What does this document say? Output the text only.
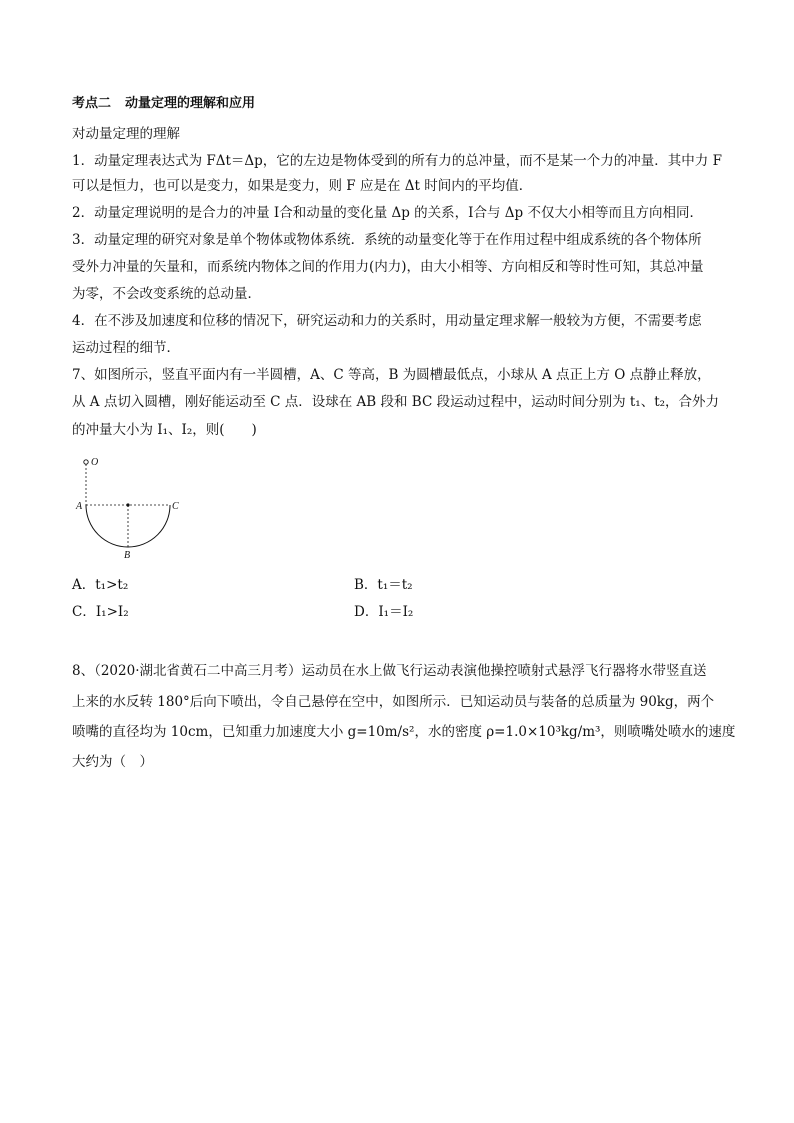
考点二 动量定理的理解和应用
对动量定理的理解
1．动量定理表达式为 FΔt＝Δp，它的左边是物体受到的所有力的总冲量，而不是某一个力的冲量．其中力 F
可以是恒力，也可以是变力，如果是变力，则 F 应是在 Δt 时间内的平均值．
2．动量定理说明的是合力的冲量 I合和动量的变化量 Δp 的关系，I合与 Δp 不仅大小相等而且方向相同．
3．动量定理的研究对象是单个物体或物体系统．系统的动量变化等于在作用过程中组成系统的各个物体所
受外力冲量的矢量和，而系统内物体之间的作用力(内力)，由大小相等、方向相反和等时性可知，其总冲量
为零，不会改变系统的总动量．
4．在不涉及加速度和位移的情况下，研究运动和力的关系时，用动量定理求解一般较为方便，不需要考虑
运动过程的细节．
7、如图所示，竖直平面内有一半圆槽，A、C 等高，B 为圆槽最低点，小球从 A 点正上方 O 点静止释放，
从 A 点切入圆槽，刚好能运动至 C 点．设球在 AB 段和 BC 段运动过程中，运动时间分别为 t₁、t₂，合外力
的冲量大小为 I₁、I₂，则(　　)
O
A	C
B
A．t₁>t₂	B．t₁＝t₂
C．I₁>I₂	D．I₁＝I₂
8、（2020·湖北省黄石二中高三月考）运动员在水上做飞行运动表演他操控喷射式悬浮飞行器将水带竖直送
上来的水反转 180°后向下喷出，令自己悬停在空中，如图所示．已知运动员与装备的总质量为 90kg，两个
喷嘴的直径均为 10cm，已知重力加速度大小 g=10m/s²，水的密度 ρ=1.0×10³kg/m³，则喷嘴处喷水的速度
大约为（　）
